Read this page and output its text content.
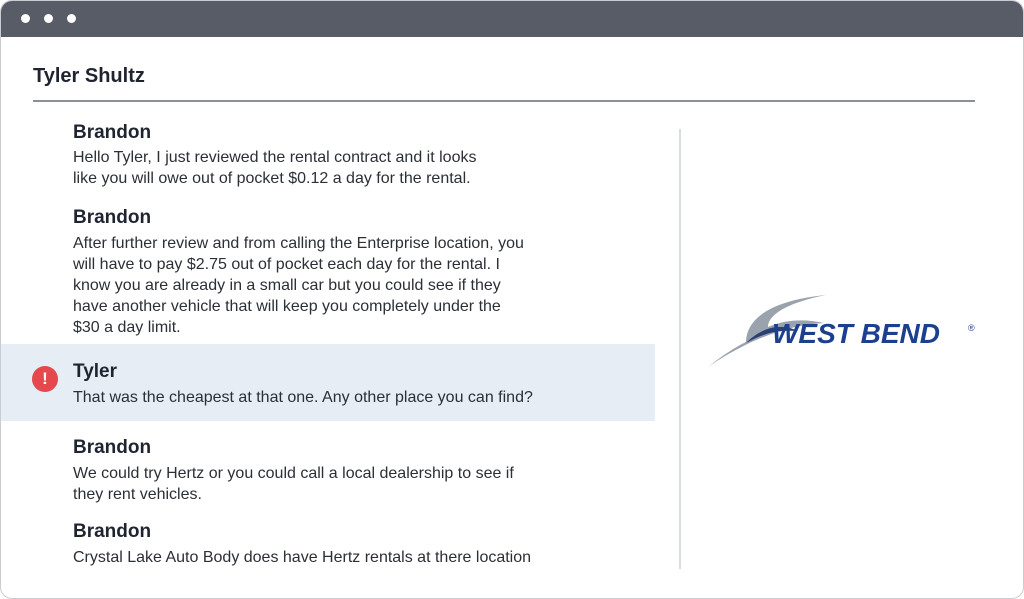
Tyler Shultz
Brandon
Hello Tyler, I just reviewed the rental contract and it looks
like you will owe out of pocket $0.12 a day for the rental.
Brandon
After further review and from calling the Enterprise location, you
will have to pay $2.75 out of pocket each day for the rental. I
know you are already in a small car but you could see if they
have another vehicle that will keep you completely under the
$30 a day limit.
!	Tyler
That was the cheapest at that one. Any other place you can find?
Brandon
We could try Hertz or you could call a local dealership to see if
they rent vehicles.
Brandon
Crystal Lake Auto Body does have Hertz rentals at there location
WEST BEND	®
